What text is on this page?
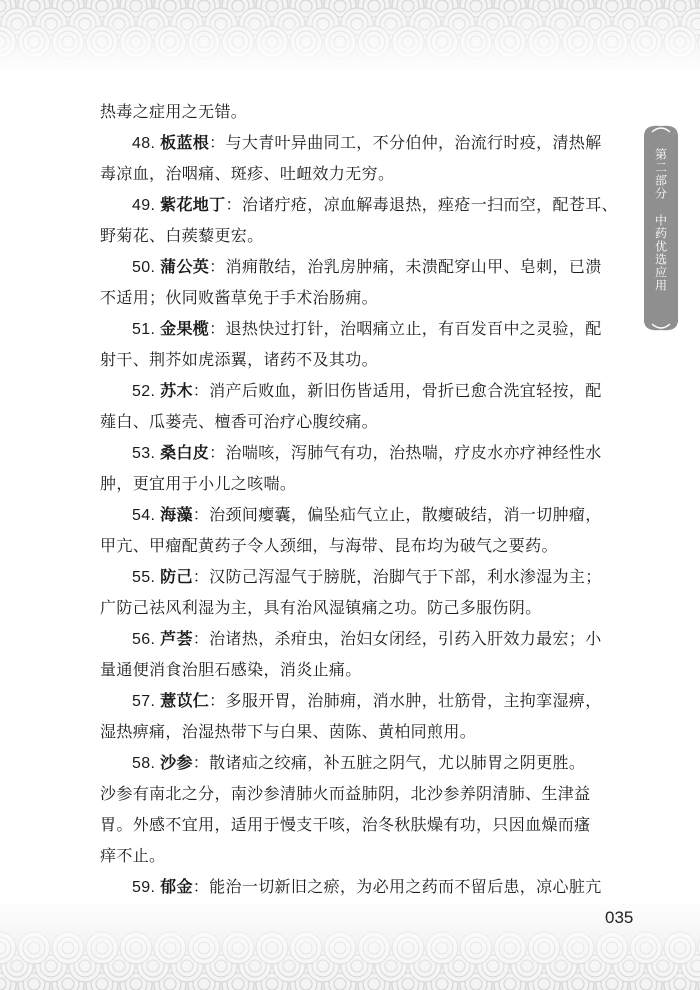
第二部分
中药优选应用
热毒之症用之无错。
48. 板蓝根：与大青叶异曲同工，不分伯仲，治流行时疫，清热解
毒凉血，治咽痛、斑疹、吐衄效力无穷。
49. 紫花地丁：治诸疔疮，凉血解毒退热，痤疮一扫而空，配苍耳、
野菊花、白蒺藜更宏。
50. 蒲公英：消痈散结，治乳房肿痛，未溃配穿山甲、皂刺，已溃
不适用；伙同败酱草免于手术治肠痈。
51. 金果榄：退热快过打针，治咽痛立止，有百发百中之灵验，配
射干、荆芥如虎添翼，诸药不及其功。
52. 苏木：消产后败血，新旧伤皆适用，骨折已愈合洗宜轻按，配
薤白、瓜蒌壳、檀香可治疗心腹绞痛。
53. 桑白皮：治喘咳，泻肺气有功，治热喘，疗皮水亦疗神经性水
肿，更宜用于小儿之咳喘。
54. 海藻：治颈间瘿囊，偏坠疝气立止，散瘿破结，消一切肿瘤，
甲亢、甲瘤配黄药子令人颈细，与海带、昆布均为破气之要药。
55. 防己：汉防己泻湿气于膀胱，治脚气于下部，利水渗湿为主；
广防己祛风利湿为主，具有治风湿镇痛之功。防己多服伤阴。
56. 芦荟：治诸热，杀疳虫，治妇女闭经，引药入肝效力最宏；小
量通便消食治胆石感染，消炎止痛。
57. 薏苡仁：多服开胃，治肺痈，消水肿，壮筋骨，主拘挛湿痹，
湿热痹痛，治湿热带下与白果、茵陈、黄柏同煎用。
58. 沙参：散诸疝之绞痛，补五脏之阴气，尤以肺胃之阴更胜。
沙参有南北之分，南沙参清肺火而益肺阴，北沙参养阴清肺、生津益
胃。外感不宜用，适用于慢支干咳，治冬秋肤燥有功，只因血燥而瘙
痒不止。
59. 郁金：能治一切新旧之瘀，为必用之药而不留后患，凉心脏亢
035
